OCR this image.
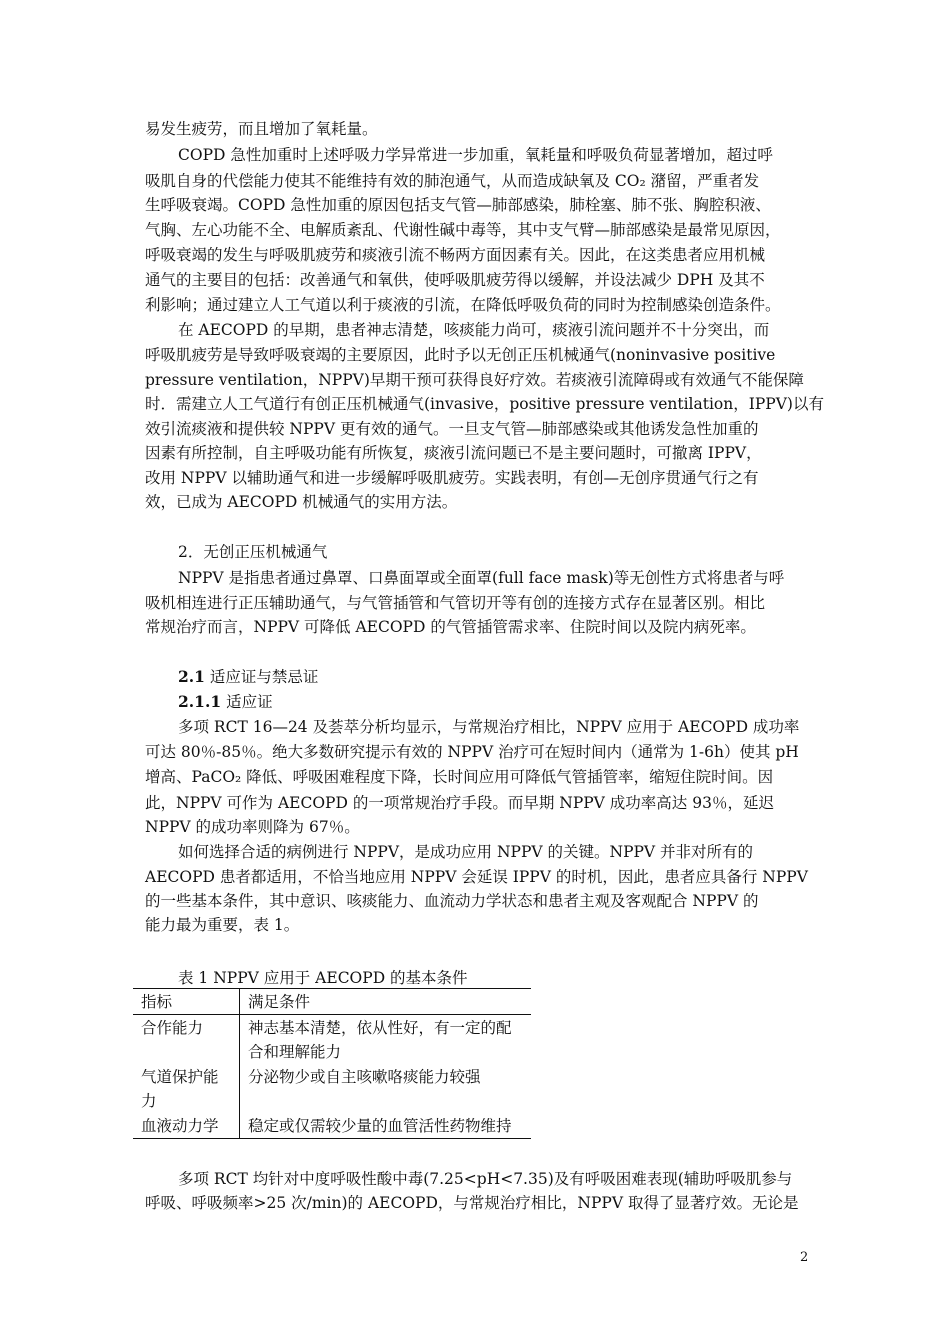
易发生疲劳，而且增加了氧耗量。
COPD 急性加重时上述呼吸力学异常进一步加重，氧耗量和呼吸负荷显著增加，超过呼
吸肌自身的代偿能力使其不能维持有效的肺泡通气，从而造成缺氧及 CO₂ 潴留，严重者发
生呼吸衰竭。COPD 急性加重的原因包括支气管—肺部感染，肺栓塞、肺不张、胸腔积液、
气胸、左心功能不全、电解质紊乱、代谢性碱中毒等，其中支气臂—肺部感染是最常见原因，
呼吸衰竭的发生与呼吸肌疲劳和痰液引流不畅两方面因素有关。因此，在这类患者应用机械
通气的主要目的包括：改善通气和氧供，使呼吸肌疲劳得以缓解，并设法减少 DPH 及其不
利影响；通过建立人工气道以利于痰液的引流，在降低呼吸负荷的同时为控制感染创造条件。
在 AECOPD 的早期，患者神志清楚，咳痰能力尚可，痰液引流问题并不十分突出，而
呼吸肌疲劳是导致呼吸衰竭的主要原因，此时予以无创正压机械通气(noninvasive positive
pressure ventilation，NPPV)早期干预可获得良好疗效。若痰液引流障碍或有效通气不能保障
时．需建立人工气道行有创正压机械通气(invasive，positive pressure ventilation，IPPV)以有
效引流痰液和提供较 NPPV 更有效的通气。一旦支气管—肺部感染或其他诱发急性加重的
因素有所控制，自主呼吸功能有所恢复，痰液引流问题已不是主要问题时，可撤离 IPPV，
改用 NPPV 以辅助通气和进一步缓解呼吸肌疲劳。实践表明，有创—无创序贯通气行之有
效，已成为 AECOPD 机械通气的实用方法。
2．无创正压机械通气
NPPV 是指患者通过鼻罩、口鼻面罩或全面罩(full face mask)等无创性方式将患者与呼
吸机相连进行正压辅助通气，与气管插管和气管切开等有创的连接方式存在显著区别。相比
常规治疗而言，NPPV 可降低 AECOPD 的气管插管需求率、住院时间以及院内病死率。
2.1 适应证与禁忌证
2.1.1 适应证
多项 RCT 16—24 及荟萃分析均显示，与常规治疗相比，NPPV 应用于 AECOPD 成功率
可达 80％-85％。绝大多数研究提示有效的 NPPV 治疗可在短时间内（通常为 1-6h）使其 pH
增高、PaCO₂ 降低、呼吸困难程度下降，长时间应用可降低气管插管率，缩短住院时间。因
此，NPPV 可作为 AECOPD 的一项常规治疗手段。而早期 NPPV 成功率高达 93％，延迟
NPPV 的成功率则降为 67％。
如何选择合适的病例进行 NPPV，是成功应用 NPPV 的关键。NPPV 并非对所有的
AECOPD 患者都适用，不恰当地应用 NPPV 会延误 IPPV 的时机，因此，患者应具备行 NPPV
的一些基本条件，其中意识、咳痰能力、血流动力学状态和患者主观及客观配合 NPPV 的
能力最为重要，表 1。
表 1 NPPV 应用于 AECOPD 的基本条件
指标	满足条件
合作能力	神志基本清楚，依从性好，有一定的配合和理解能力
气道保护能力	分泌物少或自主咳嗽咯痰能力较强
血液动力学	稳定或仅需较少量的血管活性药物维持
多项 RCT 均针对中度呼吸性酸中毒(7.25<pH<7.35)及有呼吸困难表现(辅助呼吸肌参与
呼吸、呼吸频率>25 次/min)的 AECOPD，与常规治疗相比，NPPV 取得了显著疗效。无论是
2
